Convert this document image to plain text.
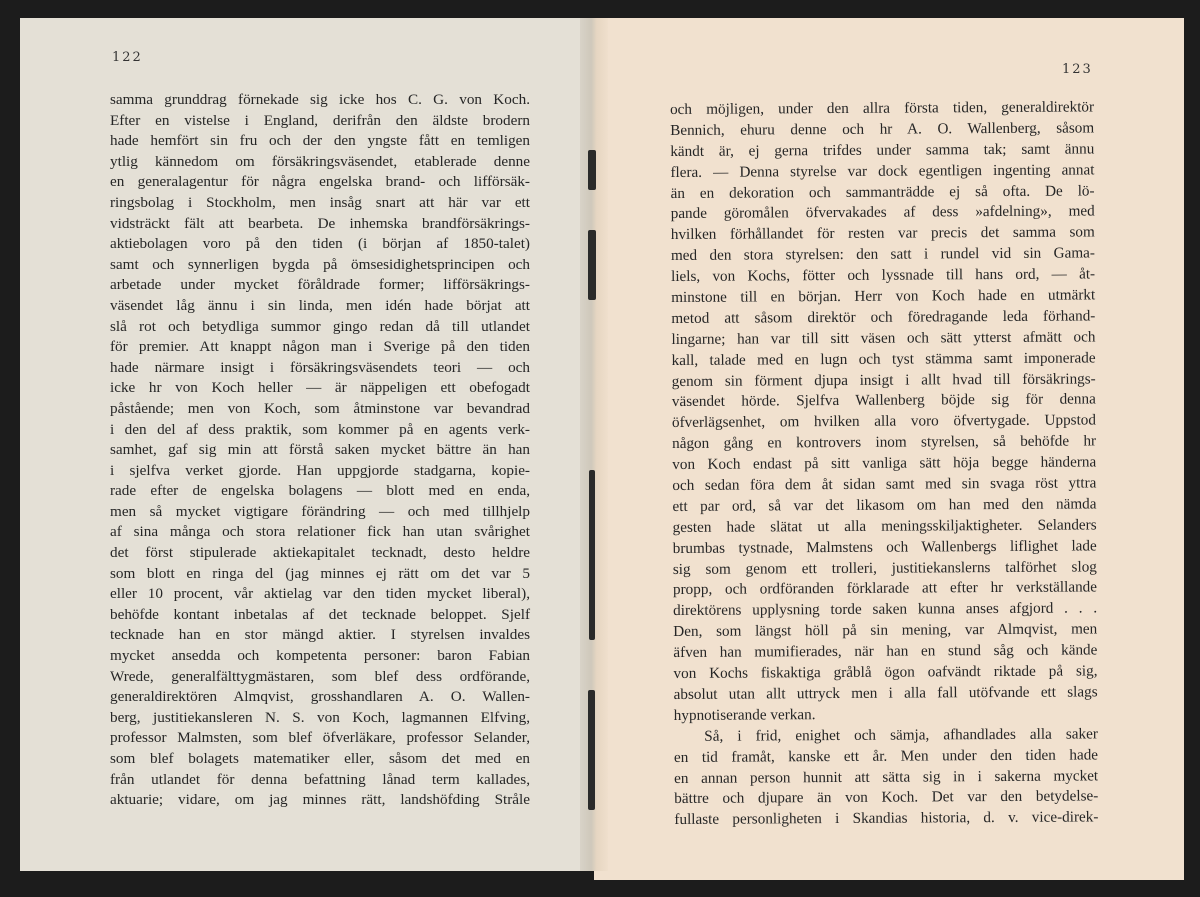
122
123
samma grunddrag förnekade sig icke hos C. G. von Koch.
Efter en vistelse i England, derifrån den äldste brodern
hade hemfört sin fru och der den yngste fått en temligen
ytlig kännedom om försäkringsväsendet, etablerade denne
en generalagentur för några engelska brand- och lifförsäk-
ringsbolag i Stockholm, men insåg snart att här var ett
vidsträckt fält att bearbeta. De inhemska brandförsäkrings-
aktiebolagen voro på den tiden (i början af 1850-talet)
samt och synnerligen bygda på ömsesidighetsprincipen och
arbetade under mycket föråldrade former; lifförsäkrings-
väsendet låg ännu i sin linda, men idén hade börjat att
slå rot och betydliga summor gingo redan då till utlandet
för premier. Att knappt någon man i Sverige på den tiden
hade närmare insigt i försäkringsväsendets teori — och
icke hr von Koch heller — är näppeligen ett obefogadt
påstående; men von Koch, som åtminstone var bevandrad
i den del af dess praktik, som kommer på en agents verk-
samhet, gaf sig min att förstå saken mycket bättre än han
i sjelfva verket gjorde. Han uppgjorde stadgarna, kopie-
rade efter de engelska bolagens — blott med en enda,
men så mycket vigtigare förändring — och med tillhjelp
af sina många och stora relationer fick han utan svårighet
det först stipulerade aktiekapitalet tecknadt, desto heldre
som blott en ringa del (jag minnes ej rätt om det var 5
eller 10 procent, vår aktielag var den tiden mycket liberal),
behöfde kontant inbetalas af det tecknade beloppet. Sjelf
tecknade han en stor mängd aktier. I styrelsen invaldes
mycket ansedda och kompetenta personer: baron Fabian
Wrede, generalfälttygmästaren, som blef dess ordförande,
generaldirektören Almqvist, grosshandlaren A. O. Wallen-
berg, justitiekansleren N. S. von Koch, lagmannen Elfving,
professor Malmsten, som blef öfverläkare, professor Selander,
som blef bolagets matematiker eller, såsom det med en
från utlandet för denna befattning lånad term kallades,
aktuarie; vidare, om jag minnes rätt, landshöfding Stråle
och möjligen, under den allra första tiden, generaldirektör
Bennich, ehuru denne och hr A. O. Wallenberg, såsom
kändt är, ej gerna trifdes under samma tak; samt ännu
flera. — Denna styrelse var dock egentligen ingenting annat
än en dekoration och sammanträdde ej så ofta. De lö-
pande göromålen öfvervakades af dess »afdelning», med
hvilken förhållandet för resten var precis det samma som
med den stora styrelsen: den satt i rundel vid sin Gama-
liels, von Kochs, fötter och lyssnade till hans ord, — åt-
minstone till en början. Herr von Koch hade en utmärkt
metod att såsom direktör och föredragande leda förhand-
lingarne; han var till sitt väsen och sätt ytterst afmätt och
kall, talade med en lugn och tyst stämma samt imponerade
genom sin förment djupa insigt i allt hvad till försäkrings-
väsendet hörde. Sjelfva Wallenberg böjde sig för denna
öfverlägsenhet, om hvilken alla voro öfvertygade. Uppstod
någon gång en kontrovers inom styrelsen, så behöfde hr
von Koch endast på sitt vanliga sätt höja begge händerna
och sedan föra dem åt sidan samt med sin svaga röst yttra
ett par ord, så var det likasom om han med den nämda
gesten hade slätat ut alla meningsskiljaktigheter. Selanders
brumbas tystnade, Malmstens och Wallenbergs liflighet lade
sig som genom ett trolleri, justitiekanslerns talförhet slog
propp, och ordföranden förklarade att efter hr verkställande
direktörens upplysning torde saken kunna anses afgjord . . .
Den, som längst höll på sin mening, var Almqvist, men
äfven han mumifierades, när han en stund såg och kände
von Kochs fiskaktiga gråblå ögon oafvändt riktade på sig,
absolut utan allt uttryck men i alla fall utöfvande ett slags
hypnotiserande verkan.
Så, i frid, enighet och sämja, afhandlades alla saker
en tid framåt, kanske ett år. Men under den tiden hade
en annan person hunnit att sätta sig in i sakerna mycket
bättre och djupare än von Koch. Det var den betydelse-
fullaste personligheten i Skandias historia, d. v. vice-direk-
